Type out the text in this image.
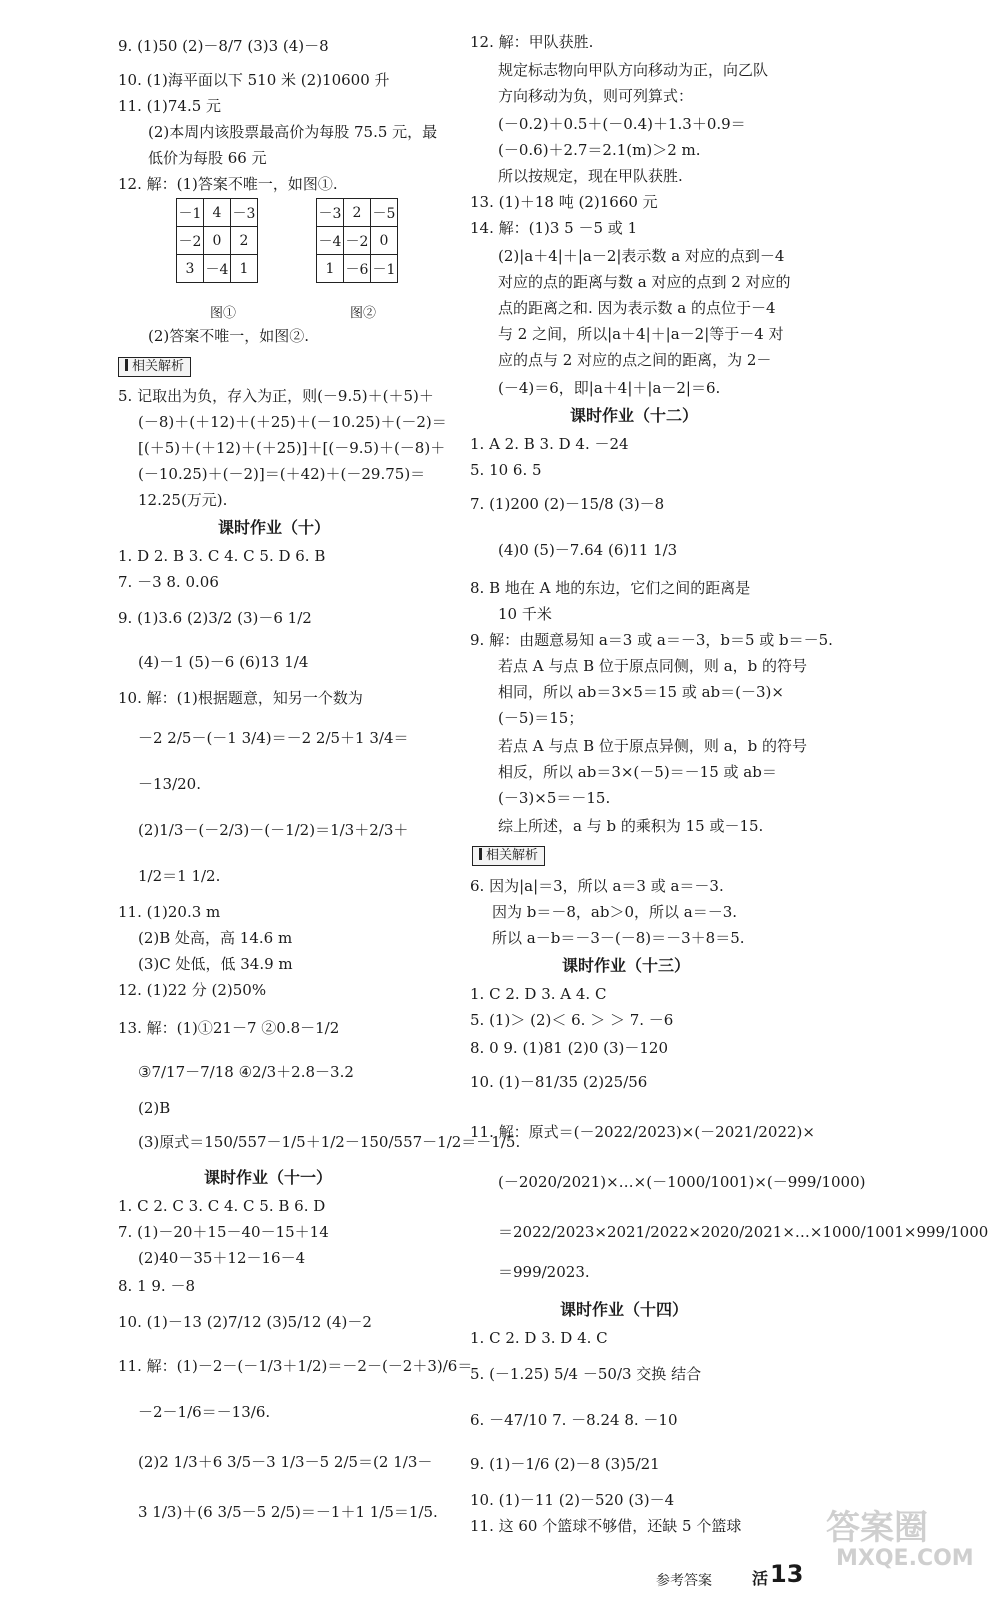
9. (1)50 (2)－8/7 (3)3 (4)－8
10. (1)海平面以下 510 米 (2)10600 升
11. (1)74.5 元
(2)本周内该股票最高价为每股 75.5 元，最
低价为每股 66 元
12. 解：(1)答案不唯一，如图①.
－1	4	－3
－2	0	2
3	－4	1
－3	2	－5
－4	－2	0
1	－6	－1
图①	图②
(2)答案不唯一，如图②.
相关解析
5. 记取出为负，存入为正，则(－9.5)＋(＋5)＋
(－8)＋(＋12)＋(＋25)＋(－10.25)＋(－2)＝
[(＋5)＋(＋12)＋(＋25)]＋[(－9.5)＋(－8)＋
(－10.25)＋(－2)]＝(＋42)＋(－29.75)＝
12.25(万元).
课时作业（十）
1. D 2. B 3. C 4. C 5. D 6. B
7. －3 8. 0.06
9. (1)3.6 (2)3/2 (3)－6 1/2
(4)－1 (5)－6 (6)13 1/4
10. 解：(1)根据题意，知另一个数为
－2 2/5－(－1 3/4)＝－2 2/5＋1 3/4＝
－13/20.
(2)1/3－(－2/3)－(－1/2)＝1/3＋2/3＋
1/2＝1 1/2.
11. (1)20.3 m
(2)B 处高，高 14.6 m
(3)C 处低，低 34.9 m
12. (1)22 分 (2)50%
13. 解：(1)①21－7 ②0.8－1/2
③7/17－7/18 ④2/3＋2.8－3.2
(2)B
(3)原式＝150/557－1/5＋1/2－150/557－1/2＝－1/5.
课时作业（十一）
1. C 2. C 3. C 4. C 5. B 6. D
7. (1)－20＋15－40－15＋14
(2)40－35＋12－16－4
8. 1 9. －8
10. (1)－13 (2)7/12 (3)5/12 (4)－2
11. 解：(1)－2－(－1/3＋1/2)＝－2－(－2＋3)/6＝
－2－1/6＝－13/6.
(2)2 1/3＋6 3/5－3 1/3－5 2/5＝(2 1/3－
3 1/3)＋(6 3/5－5 2/5)＝－1＋1 1/5＝1/5.
12. 解：甲队获胜.
规定标志物向甲队方向移动为正，向乙队
方向移动为负，则可列算式：
(－0.2)＋0.5＋(－0.4)＋1.3＋0.9＝
(－0.6)＋2.7＝2.1(m)＞2 m.
所以按规定，现在甲队获胜.
13. (1)＋18 吨 (2)1660 元
14. 解：(1)3 5 －5 或 1
(2)|a＋4|＋|a－2|表示数 a 对应的点到－4
对应的点的距离与数 a 对应的点到 2 对应的
点的距离之和. 因为表示数 a 的点位于－4
与 2 之间，所以|a＋4|＋|a－2|等于－4 对
应的点与 2 对应的点之间的距离，为 2－
(－4)＝6，即|a＋4|＋|a－2|＝6.
课时作业（十二）
1. A 2. B 3. D 4. －24
5. 10 6. 5
7. (1)200 (2)－15/8 (3)－8
(4)0 (5)－7.64 (6)11 1/3
8. B 地在 A 地的东边，它们之间的距离是
10 千米
9. 解：由题意易知 a＝3 或 a＝－3，b＝5 或 b＝－5.
若点 A 与点 B 位于原点同侧，则 a，b 的符号
相同，所以 ab＝3×5＝15 或 ab＝(－3)×
(－5)＝15；
若点 A 与点 B 位于原点异侧，则 a，b 的符号
相反，所以 ab＝3×(－5)＝－15 或 ab＝
(－3)×5＝－15.
综上所述，a 与 b 的乘积为 15 或－15.
相关解析
6. 因为|a|＝3，所以 a＝3 或 a＝－3.
因为 b＝－8，ab＞0，所以 a＝－3.
所以 a－b＝－3－(－8)＝－3＋8＝5.
课时作业（十三）
1. C 2. D 3. A 4. C
5. (1)＞ (2)＜ 6. ＞ ＞ 7. －6
8. 0 9. (1)81 (2)0 (3)－120
10. (1)－81/35 (2)25/56
11. 解：原式＝(－2022/2023)×(－2021/2022)×
(－2020/2021)×…×(－1000/1001)×(－999/1000)
＝2022/2023×2021/2022×2020/2021×…×1000/1001×999/1000
＝999/2023.
课时作业（十四）
1. C 2. D 3. D 4. C
5. (－1.25) 5/4 －50/3 交换 结合
6. －47/10 7. －8.24 8. －10
9. (1)－1/6 (2)－8 (3)5/21
10. (1)－11 (2)－520 (3)－4
11. 这 60 个篮球不够借，还缺 5 个篮球
参考答案	活 13
答案圈
MXQE.COM
